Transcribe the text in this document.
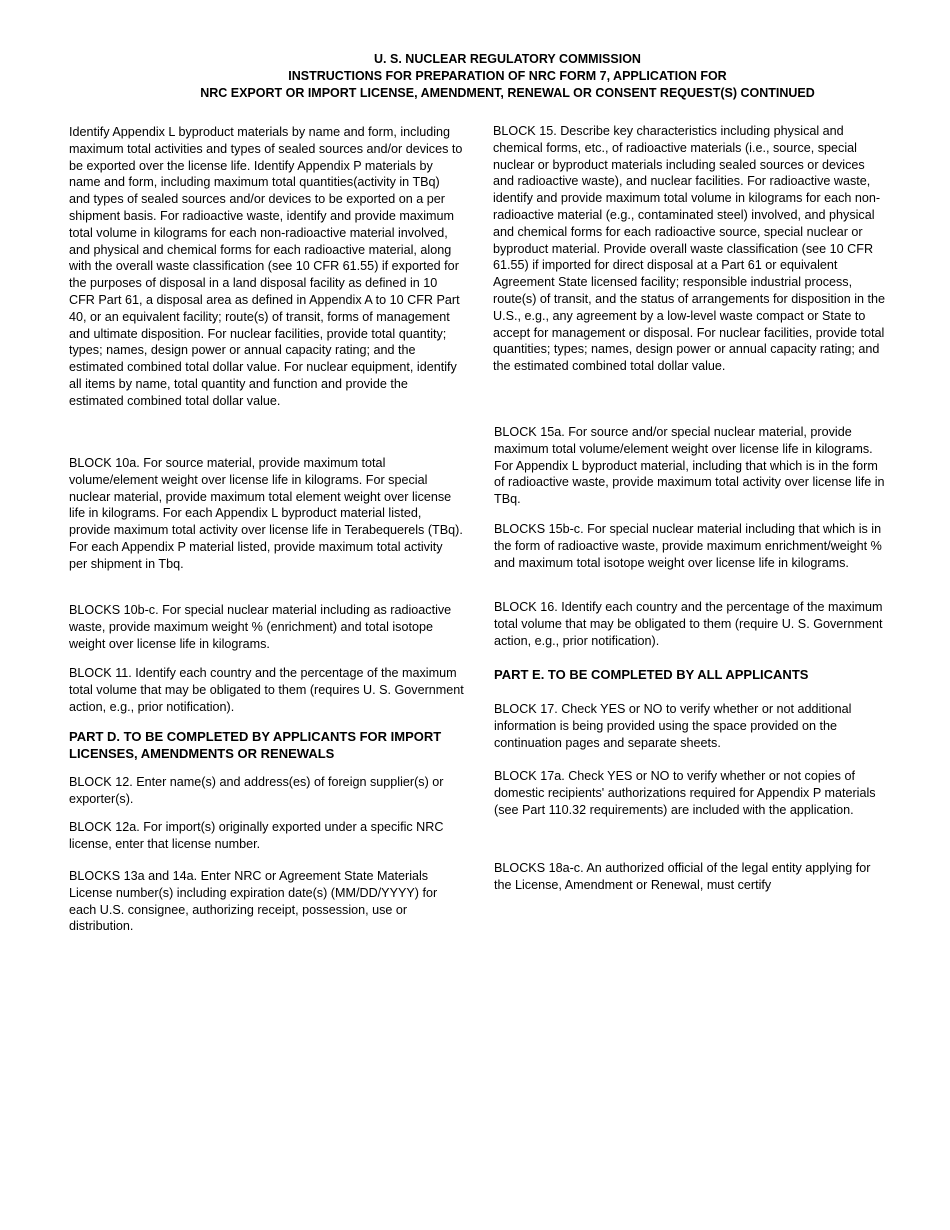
U. S. NUCLEAR REGULATORY COMMISSION
INSTRUCTIONS FOR PREPARATION OF NRC FORM 7, APPLICATION FOR
NRC EXPORT OR IMPORT LICENSE, AMENDMENT, RENEWAL OR CONSENT REQUEST(S) CONTINUED

Identify Appendix L byproduct materials by name and form, including maximum total activities and types of sealed sources and/or devices to be exported over the license life. Identify Appendix P materials by name and form, including maximum total quantities(activity in TBq) and types of sealed sources and/or devices to be exported on a per shipment basis. For radioactive waste, identify and provide maximum total volume in kilograms for each non-radioactive material involved, and physical and chemical forms for each radioactive material, along with the overall waste classification (see 10 CFR 61.55) if exported for the purposes of disposal in a land disposal facility as defined in 10 CFR Part 61, a disposal area as defined in Appendix A to 10 CFR Part 40, or an equivalent facility; route(s) of transit, forms of management and ultimate disposition. For nuclear facilities, provide total quantity; types; names, design power or annual capacity rating; and the estimated combined total dollar value. For nuclear equipment, identify all items by name, total quantity and function and provide the estimated combined total dollar value.

BLOCK 10a. For source material, provide maximum total volume/element weight over license life in kilograms. For special nuclear material, provide maximum total element weight over license life in kilograms. For each Appendix L byproduct material listed, provide maximum total activity over license life in Terabequerels (TBq). For each Appendix P material listed, provide maximum total activity per shipment in Tbq.

BLOCKS 10b-c. For special nuclear material including as radioactive waste, provide maximum weight % (enrichment) and total isotope weight over license life in kilograms.

BLOCK 11. Identify each country and the percentage of the maximum total volume that may be obligated to them (requires U. S. Government action, e.g., prior notification).

PART D. TO BE COMPLETED BY APPLICANTS FOR IMPORT LICENSES, AMENDMENTS OR RENEWALS

BLOCK 12. Enter name(s) and address(es) of foreign supplier(s) or exporter(s).

BLOCK 12a. For import(s) originally exported under a specific NRC license, enter that license number.

BLOCKS 13a and 14a. Enter NRC or Agreement State Materials License number(s) including expiration date(s) (MM/DD/YYYY) for each U.S. consignee, authorizing receipt, possession, use or distribution.

BLOCK 15. Describe key characteristics including physical and chemical forms, etc., of radioactive materials (i.e., source, special nuclear or byproduct materials including sealed sources or devices and radioactive waste), and nuclear facilities. For radioactive waste, identify and provide maximum total volume in kilograms for each non-radioactive material (e.g., contaminated steel) involved, and physical and chemical forms for each radioactive source, special nuclear or byproduct material. Provide overall waste classification (see 10 CFR 61.55) if imported for direct disposal at a Part 61 or equivalent Agreement State licensed facility; responsible industrial process, route(s) of transit, and the status of arrangements for disposition in the U.S., e.g., any agreement by a low-level waste compact or State to accept for management or disposal. For nuclear facilities, provide total quantities; types; names, design power or annual capacity rating; and the estimated combined total dollar value.

BLOCK 15a. For source and/or special nuclear material, provide maximum total volume/element weight over license life in kilograms. For Appendix L byproduct material, including that which is in the form of radioactive waste, provide maximum total activity over license life in TBq.

BLOCKS 15b-c. For special nuclear material including that which is in the form of radioactive waste, provide maximum enrichment/weight % and maximum total isotope weight over license life in kilograms.

BLOCK 16. Identify each country and the percentage of the maximum total volume that may be obligated to them (require U. S. Government action, e.g., prior notification).

PART E. TO BE COMPLETED BY ALL APPLICANTS

BLOCK 17. Check YES or NO to verify whether or not additional information is being provided using the space provided on the continuation pages and separate sheets.

BLOCK 17a. Check YES or NO to verify whether or not copies of domestic recipients' authorizations required for Appendix P materials (see Part 110.32 requirements) are included with the application.

BLOCKS 18a-c. An authorized official of the legal entity applying for the License, Amendment or Renewal, must certify
